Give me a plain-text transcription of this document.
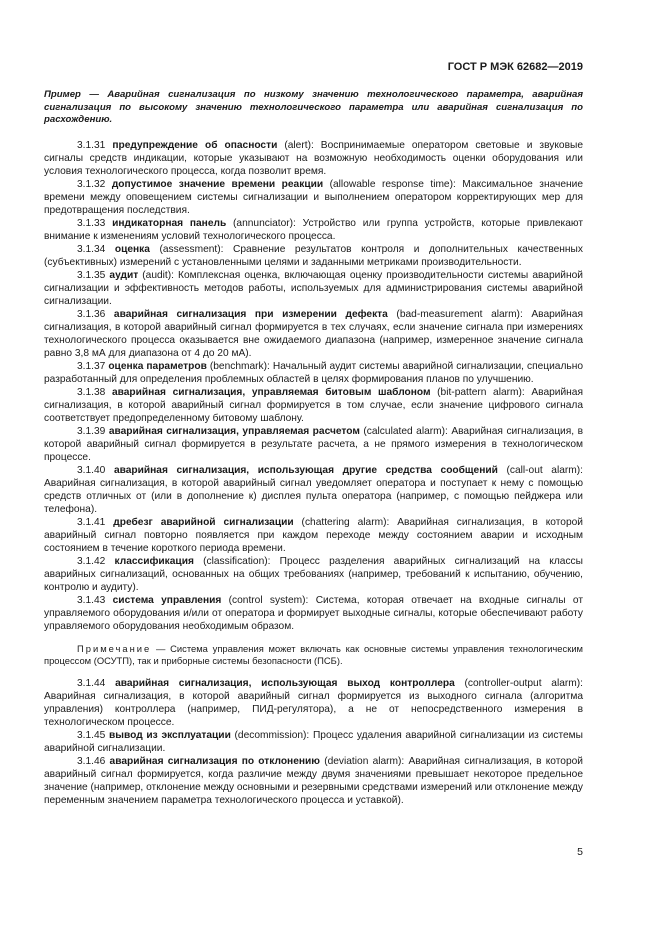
ГОСТ Р МЭК 62682—2019
Пример — Аварийная сигнализация по низкому значению технологического параметра, аварийная сигнализация по высокому значению технологического параметра или аварийная сигнализация по расхождению.

3.1.31 предупреждение об опасности (alert): Воспринимаемые оператором световые и звуковые сигналы средств индикации, которые указывают на возможную необходимость оценки оборудования или условия технологического процесса, когда позволит время.

3.1.32 допустимое значение времени реакции (allowable response time): Максимальное значение времени между оповещением системы сигнализации и выполнением оператором корректирующих мер для предотвращения последствия.

3.1.33 индикаторная панель (annunciator): Устройство или группа устройств, которые привлекают внимание к изменениям условий технологического процесса.

3.1.34 оценка (assessment): Сравнение результатов контроля и дополнительных качественных (субъективных) измерений с установленными целями и заданными метриками производительности.

3.1.35 аудит (audit): Комплексная оценка, включающая оценку производительности системы аварийной сигнализации и эффективность методов работы, используемых для администрирования системы аварийной сигнализации.

3.1.36 аварийная сигнализация при измерении дефекта (bad-measurement alarm): Аварийная сигнализация, в которой аварийный сигнал формируется в тех случаях, если значение сигнала при измерениях технологического процесса оказывается вне ожидаемого диапазона (например, измеренное значение сигнала равно 3,8 мА для диапазона от 4 до 20 мА).

3.1.37 оценка параметров (benchmark): Начальный аудит системы аварийной сигнализации, специально разработанный для определения проблемных областей в целях формирования планов по улучшению.

3.1.38 аварийная сигнализация, управляемая битовым шаблоном (bit-pattern alarm): Аварийная сигнализация, в которой аварийный сигнал формируется в том случае, если значение цифрового сигнала соответствует предопределенному битовому шаблону.

3.1.39 аварийная сигнализация, управляемая расчетом (calculated alarm): Аварийная сигнализация, в которой аварийный сигнал формируется в результате расчета, а не прямого измерения в технологическом процессе.

3.1.40 аварийная сигнализация, использующая другие средства сообщений (call-out alarm): Аварийная сигнализация, в которой аварийный сигнал уведомляет оператора и поступает к нему с помощью средств отличных от (или в дополнение к) дисплея пульта оператора (например, с помощью пейджера или телефона).

3.1.41 дребезг аварийной сигнализации (chattering alarm): Аварийная сигнализация, в которой аварийный сигнал повторно появляется при каждом переходе между состоянием аварии и исходным состоянием в течение короткого периода времени.

3.1.42 классификация (classification): Процесс разделения аварийных сигнализаций на классы аварийных сигнализаций, основанных на общих требованиях (например, требований к испытанию, обучению, контролю и аудиту).

3.1.43 система управления (control system): Система, которая отвечает на входные сигналы от управляемого оборудования и/или от оператора и формирует выходные сигналы, которые обеспечивают работу управляемого оборудования необходимым образом.

Примечание — Система управления может включать как основные системы управления технологическим процессом (ОСУТП), так и приборные системы безопасности (ПСБ).

3.1.44 аварийная сигнализация, использующая выход контроллера (controller-output alarm): Аварийная сигнализация, в которой аварийный сигнал формируется из выходного сигнала (алгоритма управления) контроллера (например, ПИД-регулятора), а не от непосредственного измерения в технологическом процессе.

3.1.45 вывод из эксплуатации (decommission): Процесс удаления аварийной сигнализации из системы аварийной сигнализации.

3.1.46 аварийная сигнализация по отклонению (deviation alarm): Аварийная сигнализация, в которой аварийный сигнал формируется, когда различие между двумя значениями превышает некоторое предельное значение (например, отклонение между основными и резервными средствами измерений или отклонение между переменным значением параметра технологического процесса и уставкой).

5
